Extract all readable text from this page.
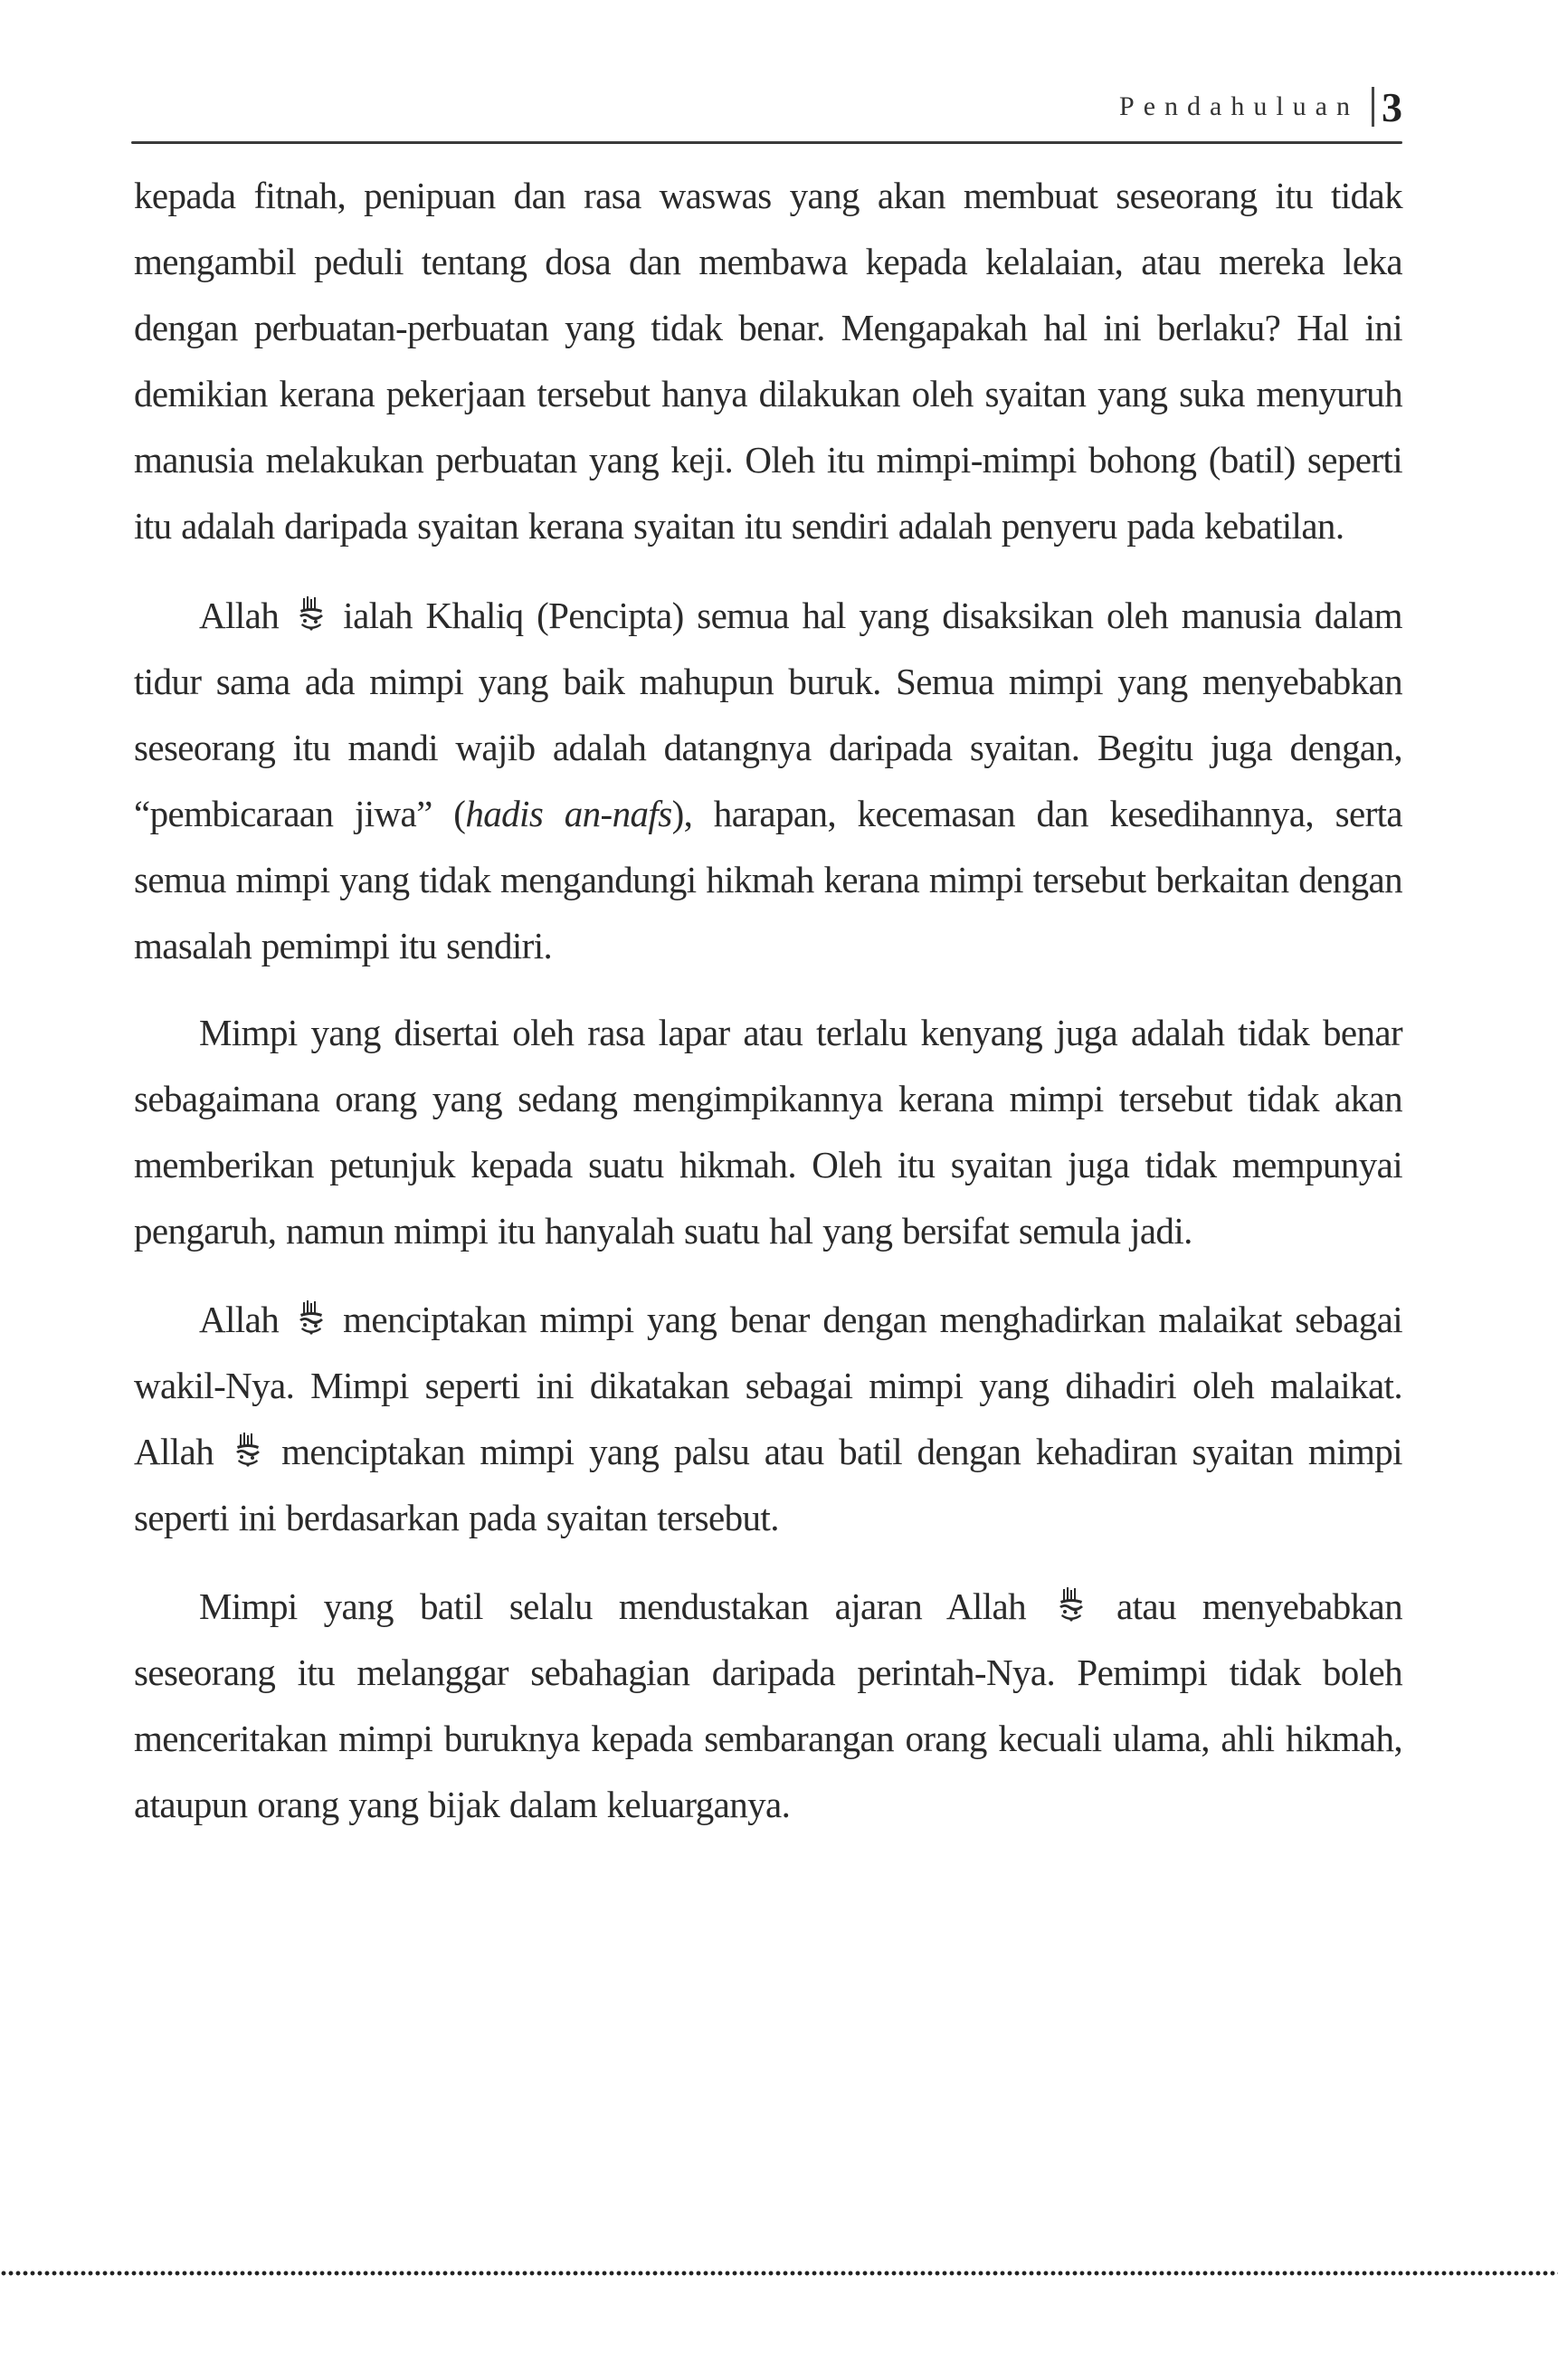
Pendahuluan 3

kepada fitnah, penipuan dan rasa waswas yang akan membuat seseorang itu tidak mengambil peduli tentang dosa dan membawa kepada kelalaian, atau mereka leka dengan perbuatan-perbuatan yang tidak benar. Mengapakah hal ini berlaku? Hal ini demikian kerana pekerjaan tersebut hanya dilakukan oleh syaitan yang suka menyuruh manusia melakukan perbuatan yang keji. Oleh itu mimpi-mimpi bohong (batil) seperti itu adalah daripada syaitan kerana syaitan itu sendiri adalah penyeru pada kebatilan.

Allah ialah Khaliq (Pencipta) semua hal yang disaksikan oleh manusia dalam tidur sama ada mimpi yang baik mahupun buruk. Semua mimpi yang menyebabkan seseorang itu mandi wajib adalah datangnya daripada syaitan. Begitu juga dengan, “pembicaraan jiwa” (hadis an-nafs), harapan, kecemasan dan kesedihannya, serta semua mimpi yang tidak mengandungi hikmah kerana mimpi tersebut berkaitan dengan masalah pemimpi itu sendiri.

Mimpi yang disertai oleh rasa lapar atau terlalu kenyang juga adalah tidak benar sebagaimana orang yang sedang mengimpikannya kerana mimpi tersebut tidak akan memberikan petunjuk kepada suatu hikmah. Oleh itu syaitan juga tidak mempunyai pengaruh, namun mimpi itu hanyalah suatu hal yang bersifat semula jadi.

Allah menciptakan mimpi yang benar dengan menghadirkan malaikat sebagai wakil-Nya. Mimpi seperti ini dikatakan sebagai mimpi yang dihadiri oleh malaikat. Allah menciptakan mimpi yang palsu atau batil dengan kehadiran syaitan mimpi seperti ini berdasarkan pada syaitan tersebut.

Mimpi yang batil selalu mendustakan ajaran Allah atau menyebabkan seseorang itu melanggar sebahagian daripada perintah-Nya. Pemimpi tidak boleh menceritakan mimpi buruknya kepada sembarangan orang kecuali ulama, ahli hikmah, ataupun orang yang bijak dalam keluarganya.
